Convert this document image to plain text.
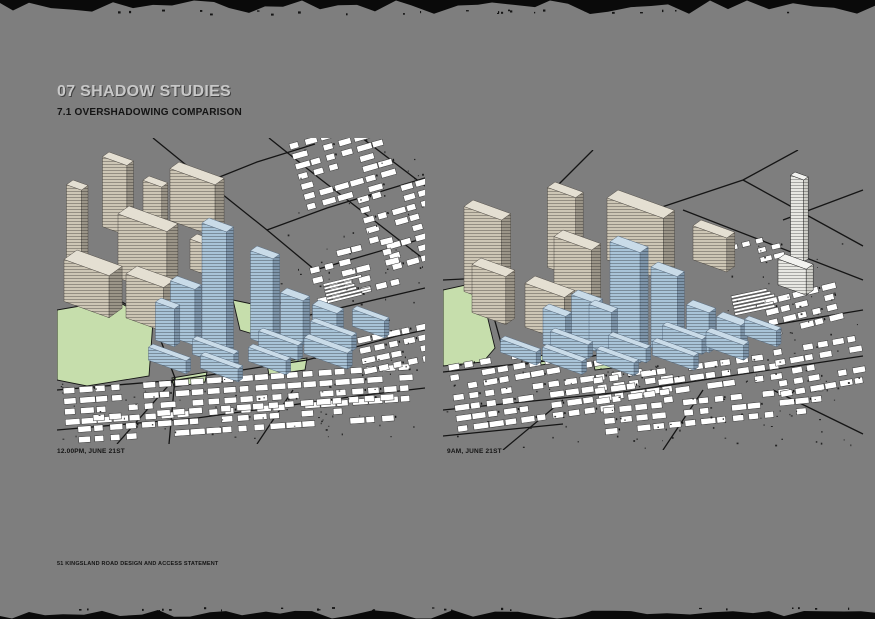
07 SHADOW STUDIES
7.1 OVERSHADOWING COMPARISON
12.00PM, JUNE 21ST	9AM, JUNE 21ST
51 KINGSLAND ROAD DESIGN AND ACCESS STATEMENT
